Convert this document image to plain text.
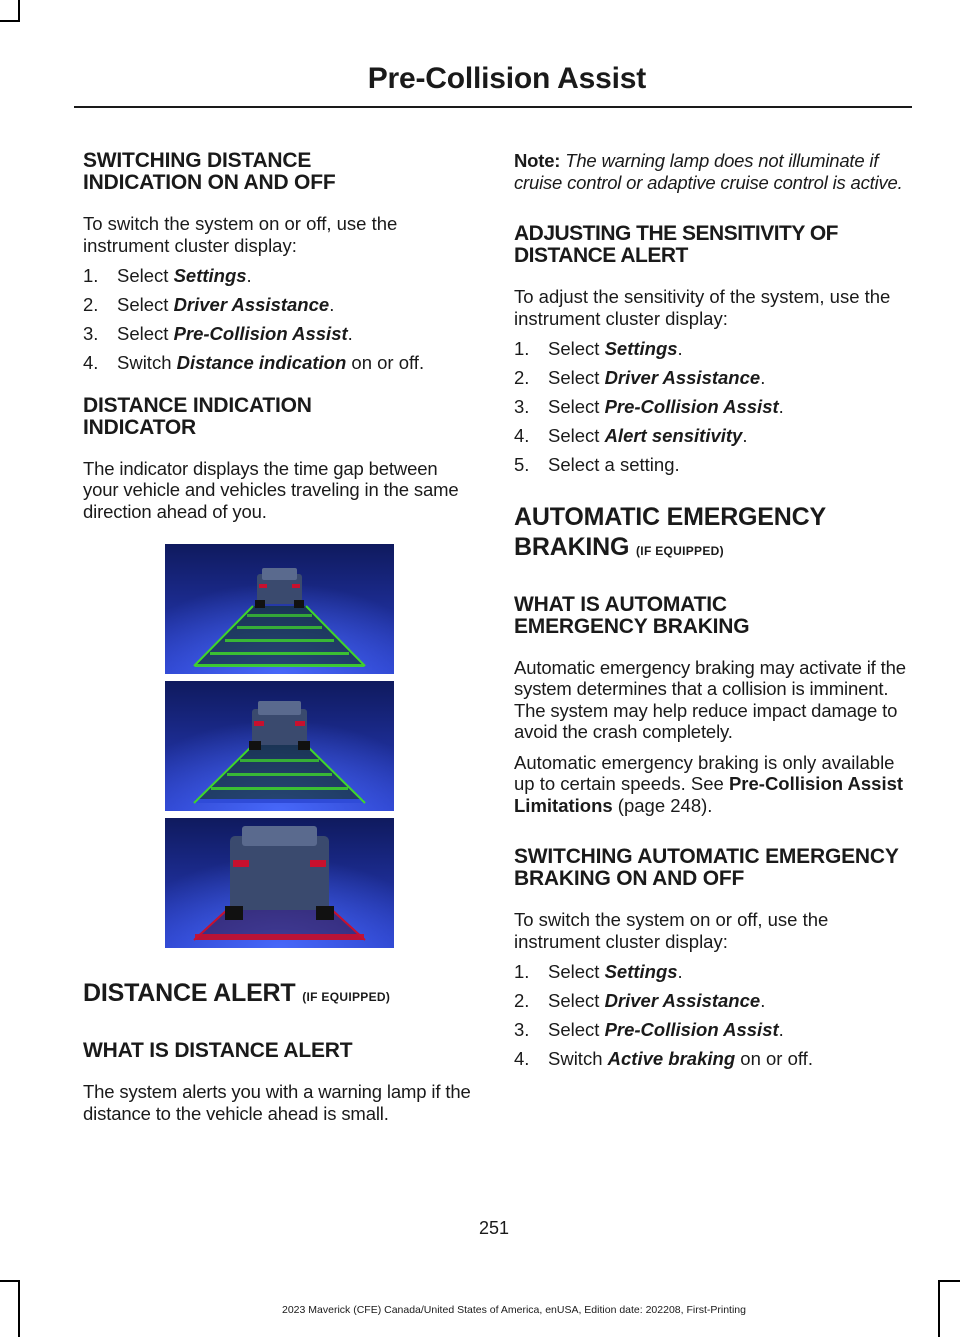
Pre-Collision Assist
SWITCHING DISTANCE INDICATION ON AND OFF

To switch the system on or off, use the instrument cluster display:

1.	Select Settings.
2.	Select Driver Assistance.
3.	Select Pre-Collision Assist.
4.	Switch Distance indication on or off.
DISTANCE INDICATION INDICATOR

The indicator displays the time gap between your vehicle and vehicles traveling in the same direction ahead of you.

DISTANCE ALERT (IF EQUIPPED)
WHAT IS DISTANCE ALERT

The system alerts you with a warning lamp if the distance to the vehicle ahead is small.

Note: The warning lamp does not illuminate if cruise control or adaptive cruise control is active.

ADJUSTING THE SENSITIVITY OF DISTANCE ALERT

To adjust the sensitivity of the system, use the instrument cluster display:

1.	Select Settings.
2.	Select Driver Assistance.
3.	Select Pre-Collision Assist.
4.	Select Alert sensitivity.
5.	Select a setting.
AUTOMATIC EMERGENCY
BRAKING (IF EQUIPPED)
WHAT IS AUTOMATIC EMERGENCY BRAKING

Automatic emergency braking may activate if the system determines that a collision is imminent. The system may help reduce impact damage to avoid the crash completely.

Automatic emergency braking is only available up to certain speeds. See Pre-Collision Assist Limitations (page 248).

SWITCHING AUTOMATIC EMERGENCY BRAKING ON AND OFF

To switch the system on or off, use the instrument cluster display:

1.	Select Settings.
2.	Select Driver Assistance.
3.	Select Pre-Collision Assist.
4.	Switch Active braking on or off.
251
2023 Maverick (CFE) Canada/United States of America, enUSA, Edition date: 202208, First-Printing
